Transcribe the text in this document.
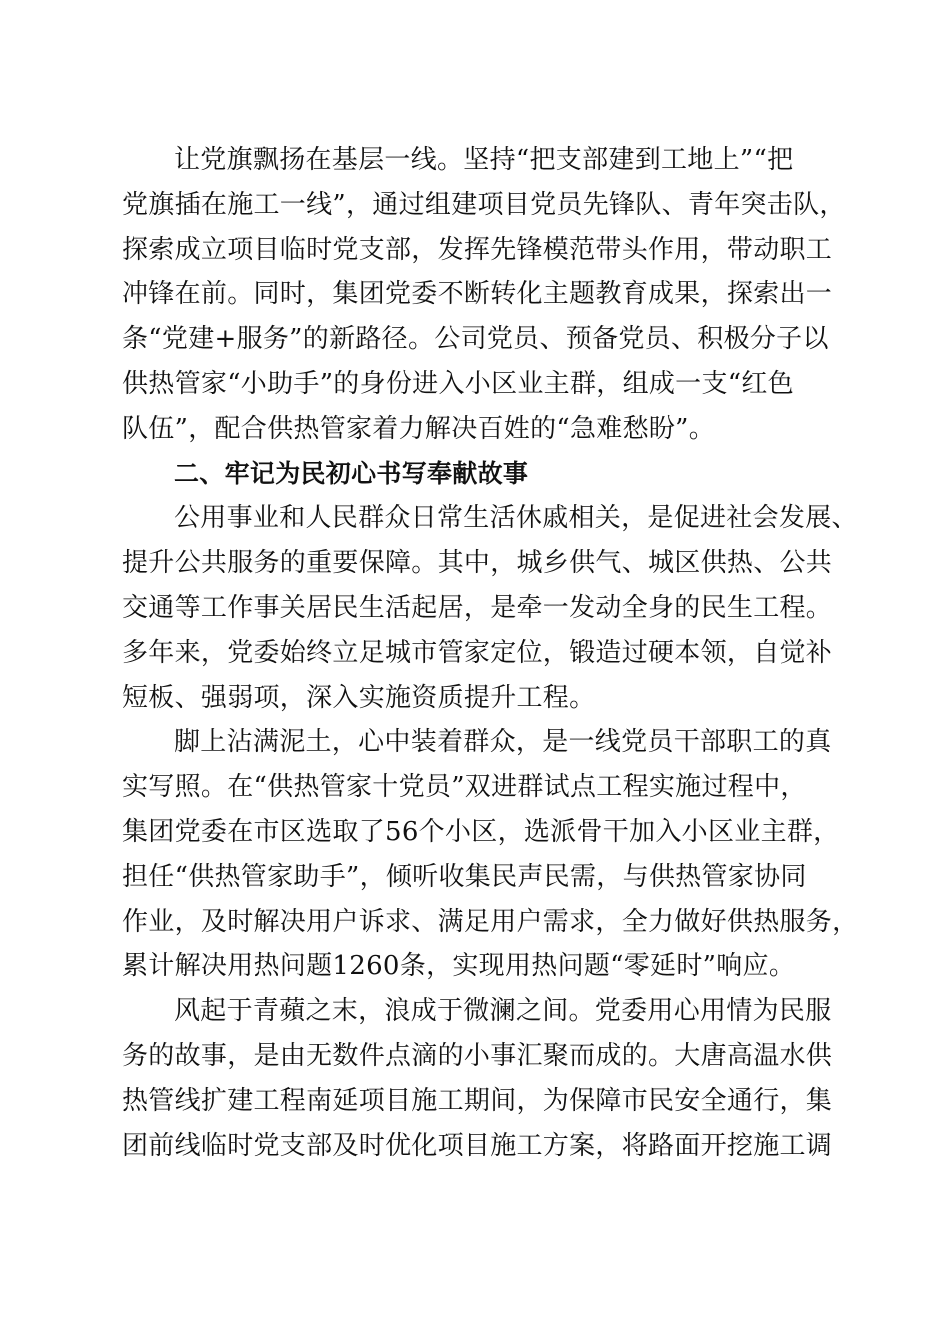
让党旗飘扬在基层一线。坚持“把支部建到工地上”“把
党旗插在施工一线”，通过组建项目党员先锋队、青年突击队，
探索成立项目临时党支部，发挥先锋模范带头作用，带动职工
冲锋在前。同时，集团党委不断转化主题教育成果，探索出一
条“党建+服务”的新路径。公司党员、预备党员、积极分子以
供热管家“小助手”的身份进入小区业主群，组成一支“红色
队伍”，配合供热管家着力解决百姓的“急难愁盼”。
二、牢记为民初心书写奉献故事
公用事业和人民群众日常生活休戚相关，是促进社会发展、
提升公共服务的重要保障。其中，城乡供气、城区供热、公共
交通等工作事关居民生活起居，是牵一发动全身的民生工程。
多年来，党委始终立足城市管家定位，锻造过硬本领，自觉补
短板、强弱项，深入实施资质提升工程。
脚上沾满泥土，心中装着群众，是一线党员干部职工的真
实写照。在“供热管家十党员”双进群试点工程实施过程中，
集团党委在市区选取了56个小区，选派骨干加入小区业主群，
担任“供热管家助手”，倾听收集民声民需，与供热管家协同
作业，及时解决用户诉求、满足用户需求，全力做好供热服务，
累计解决用热问题1260条，实现用热问题“零延时”响应。
风起于青蘋之末，浪成于微澜之间。党委用心用情为民服
务的故事，是由无数件点滴的小事汇聚而成的。大唐高温水供
热管线扩建工程南延项目施工期间，为保障市民安全通行，集
团前线临时党支部及时优化项目施工方案，将路面开挖施工调
